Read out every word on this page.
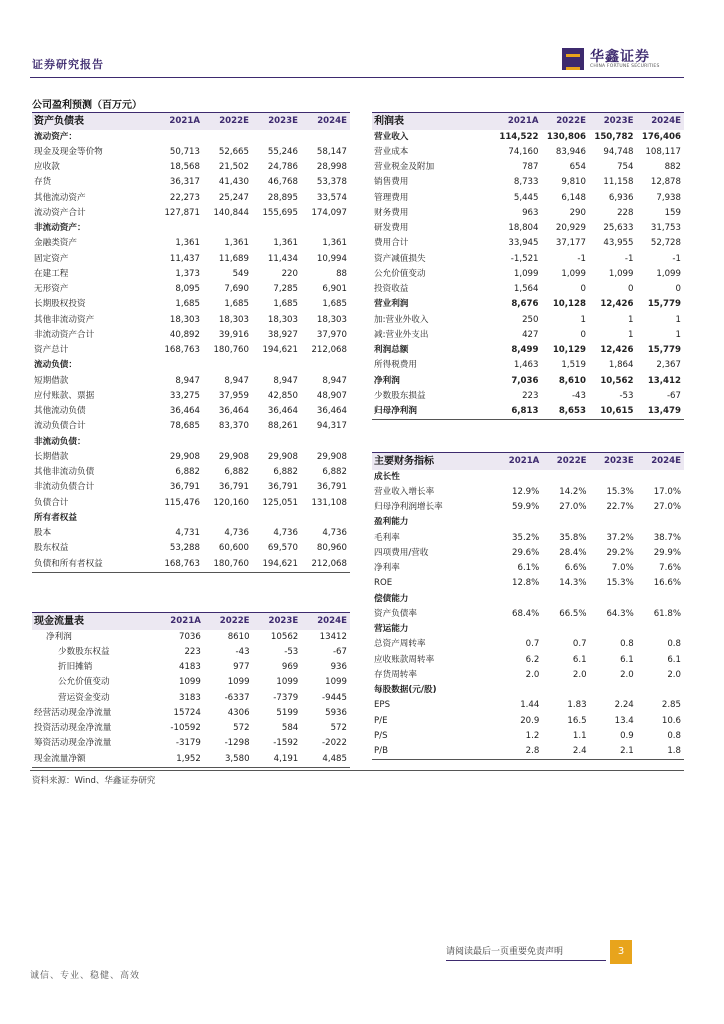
证券研究报告	华鑫证券
CHINA FORTUNE SECURITIES
公司盈利预测（百万元）
资产负债表	2021A	2022E	2023E	2024E
流动资产：				
现金及现金等价物	50,713	52,665	55,246	58,147
应收款	18,568	21,502	24,786	28,998
存货	36,317	41,430	46,768	53,378
其他流动资产	22,273	25,247	28,895	33,574
流动资产合计	127,871	140,844	155,695	174,097
非流动资产：				
金融类资产	1,361	1,361	1,361	1,361
固定资产	11,437	11,689	11,434	10,994
在建工程	1,373	549	220	88
无形资产	8,095	7,690	7,285	6,901
长期股权投资	1,685	1,685	1,685	1,685
其他非流动资产	18,303	18,303	18,303	18,303
非流动资产合计	40,892	39,916	38,927	37,970
资产总计	168,763	180,760	194,621	212,068
流动负债：				
短期借款	8,947	8,947	8,947	8,947
应付账款、票据	33,275	37,959	42,850	48,907
其他流动负债	36,464	36,464	36,464	36,464
流动负债合计	78,685	83,370	88,261	94,317
非流动负债：				
长期借款	29,908	29,908	29,908	29,908
其他非流动负债	6,882	6,882	6,882	6,882
非流动负债合计	36,791	36,791	36,791	36,791
负债合计	115,476	120,160	125,051	131,108
所有者权益				
股本	4,731	4,736	4,736	4,736
股东权益	53,288	60,600	69,570	80,960
负债和所有者权益	168,763	180,760	194,621	212,068
利润表	2021A	2022E	2023E	2024E
营业收入	114,522	130,806	150,782	176,406
营业成本	74,160	83,946	94,748	108,117
营业税金及附加	787	654	754	882
销售费用	8,733	9,810	11,158	12,878
管理费用	5,445	6,148	6,936	7,938
财务费用	963	290	228	159
研发费用	18,804	20,929	25,633	31,753
费用合计	33,945	37,177	43,955	52,728
资产减值损失	-1,521	-1	-1	-1
公允价值变动	1,099	1,099	1,099	1,099
投资收益	1,564	0	0	0
营业利润	8,676	10,128	12,426	15,779
加:营业外收入	250	1	1	1
减:营业外支出	427	0	1	1
利润总额	8,499	10,129	12,426	15,779
所得税费用	1,463	1,519	1,864	2,367
净利润	7,036	8,610	10,562	13,412
少数股东损益	223	-43	-53	-67
归母净利润	6,813	8,653	10,615	13,479
主要财务指标	2021A	2022E	2023E	2024E
成长性				
营业收入增长率	12.9%	14.2%	15.3%	17.0%
归母净利润增长率	59.9%	27.0%	22.7%	27.0%
盈利能力				
毛利率	35.2%	35.8%	37.2%	38.7%
四项费用/营收	29.6%	28.4%	29.2%	29.9%
净利率	6.1%	6.6%	7.0%	7.6%
ROE	12.8%	14.3%	15.3%	16.6%
偿债能力				
资产负债率	68.4%	66.5%	64.3%	61.8%
营运能力				
总资产周转率	0.7	0.7	0.8	0.8
应收账款周转率	6.2	6.1	6.1	6.1
存货周转率	2.0	2.0	2.0	2.0
每股数据(元/股)				
EPS	1.44	1.83	2.24	2.85
P/E	20.9	16.5	13.4	10.6
P/S	1.2	1.1	0.9	0.8
P/B	2.8	2.4	2.1	1.8
现金流量表	2021A	2022E	2023E	2024E
净利润	7036	8610	10562	13412
少数股东权益	223	-43	-53	-67
折旧摊销	4183	977	969	936
公允价值变动	1099	1099	1099	1099
营运资金变动	3183	-6337	-7379	-9445
经营活动现金净流量	15724	4306	5199	5936
投资活动现金净流量	-10592	572	584	572
筹资活动现金净流量	-3179	-1298	-1592	-2022
现金流量净额	1,952	3,580	4,191	4,485
资料来源：Wind、华鑫证券研究
请阅读最后一页重要免责声明	3
诚信、专业、稳健、高效
